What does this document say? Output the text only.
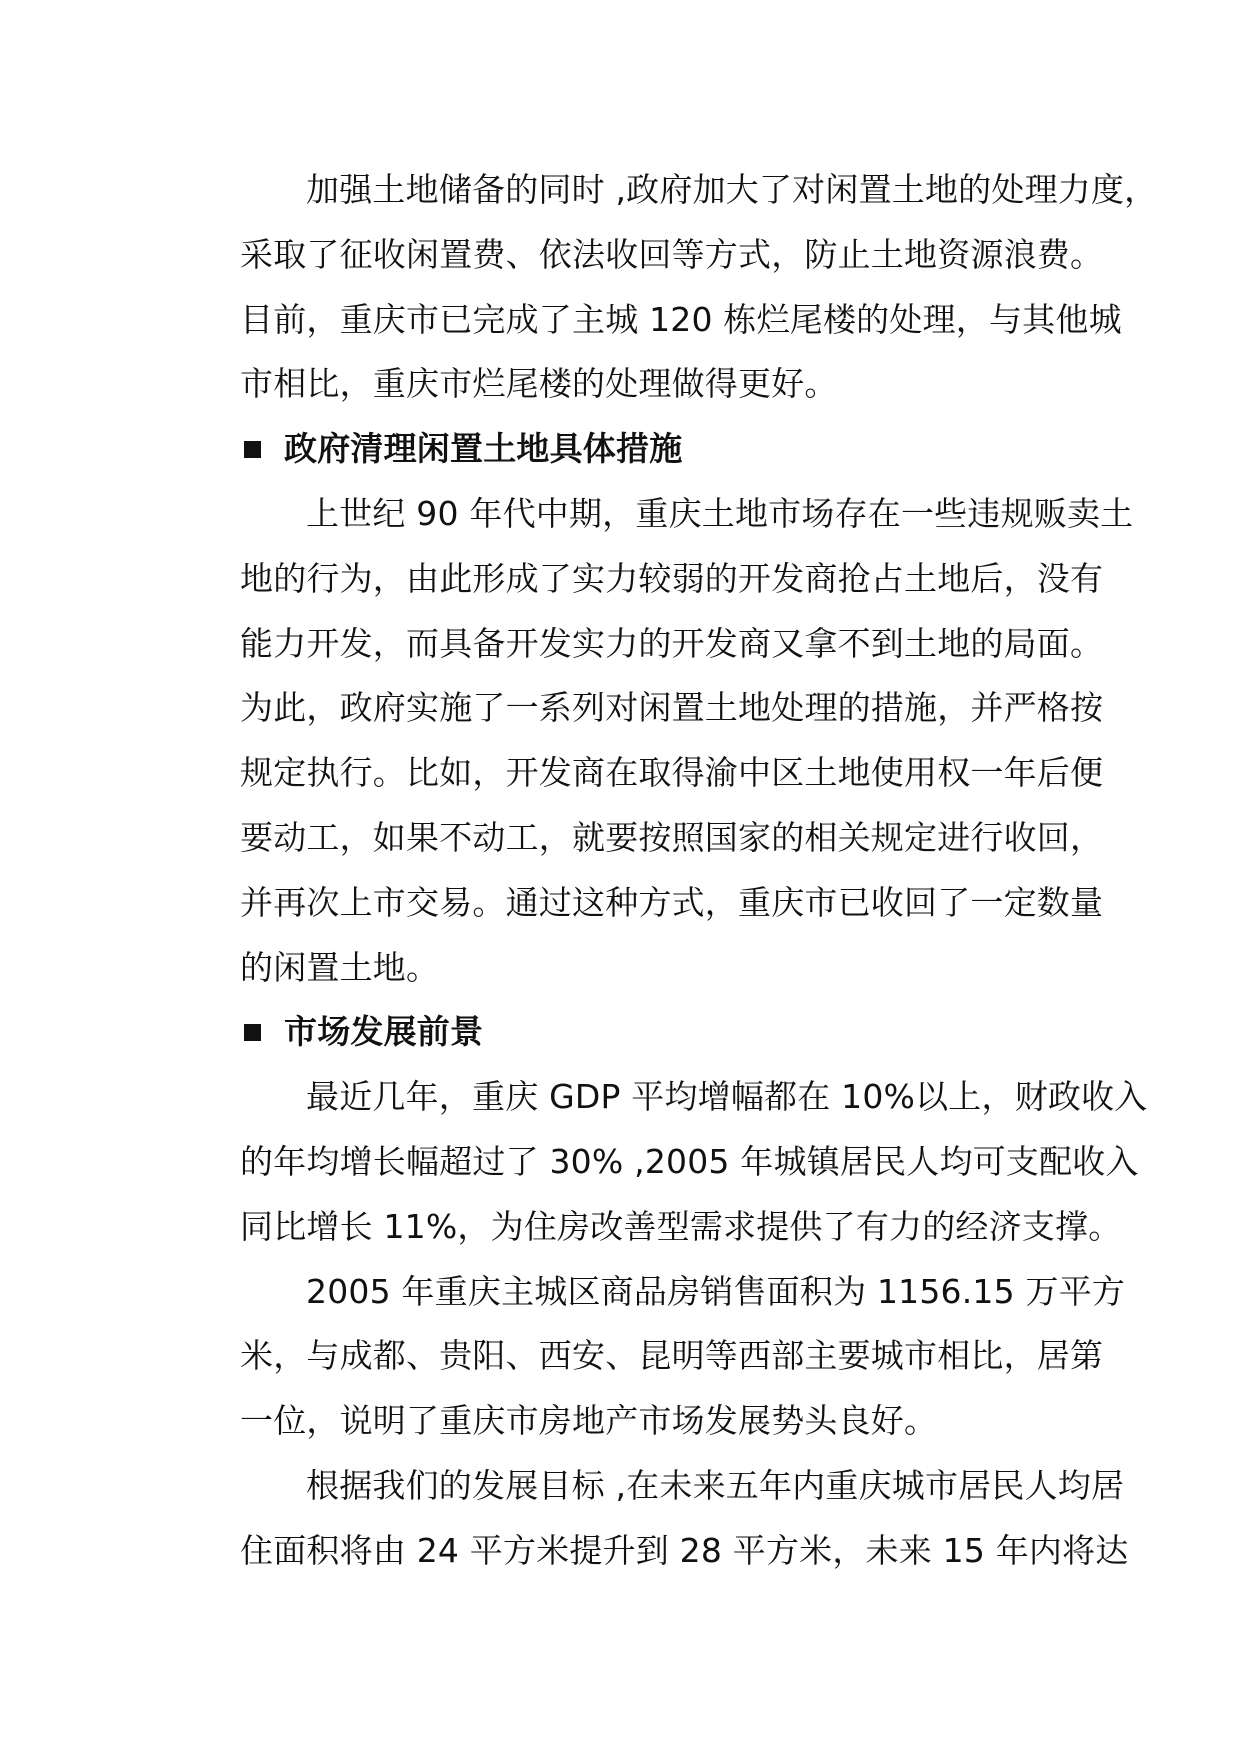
加强土地储备的同时 ,政府加大了对闲置土地的处理力度，
采取了征收闲置费、依法收回等方式，防止土地资源浪费。
目前，重庆市已完成了主城 120 栋烂尾楼的处理，与其他城
市相比，重庆市烂尾楼的处理做得更好。
政府清理闲置土地具体措施
上世纪 90 年代中期，重庆土地市场存在一些违规贩卖土
地的行为，由此形成了实力较弱的开发商抢占土地后，没有
能力开发，而具备开发实力的开发商又拿不到土地的局面。
为此，政府实施了一系列对闲置土地处理的措施，并严格按
规定执行。比如，开发商在取得渝中区土地使用权一年后便
要动工，如果不动工，就要按照国家的相关规定进行收回，
并再次上市交易。通过这种方式，重庆市已收回了一定数量
的闲置土地。
市场发展前景
最近几年，重庆 GDP 平均增幅都在 10%以上，财政收入
的年均增长幅超过了 30% ,2005 年城镇居民人均可支配收入
同比增长 11%，为住房改善型需求提供了有力的经济支撑。
2005 年重庆主城区商品房销售面积为 1156.15 万平方
米，与成都、贵阳、西安、昆明等西部主要城市相比，居第
一位，说明了重庆市房地产市场发展势头良好。
根据我们的发展目标 ,在未来五年内重庆城市居民人均居
住面积将由 24 平方米提升到 28 平方米，未来 15 年内将达
